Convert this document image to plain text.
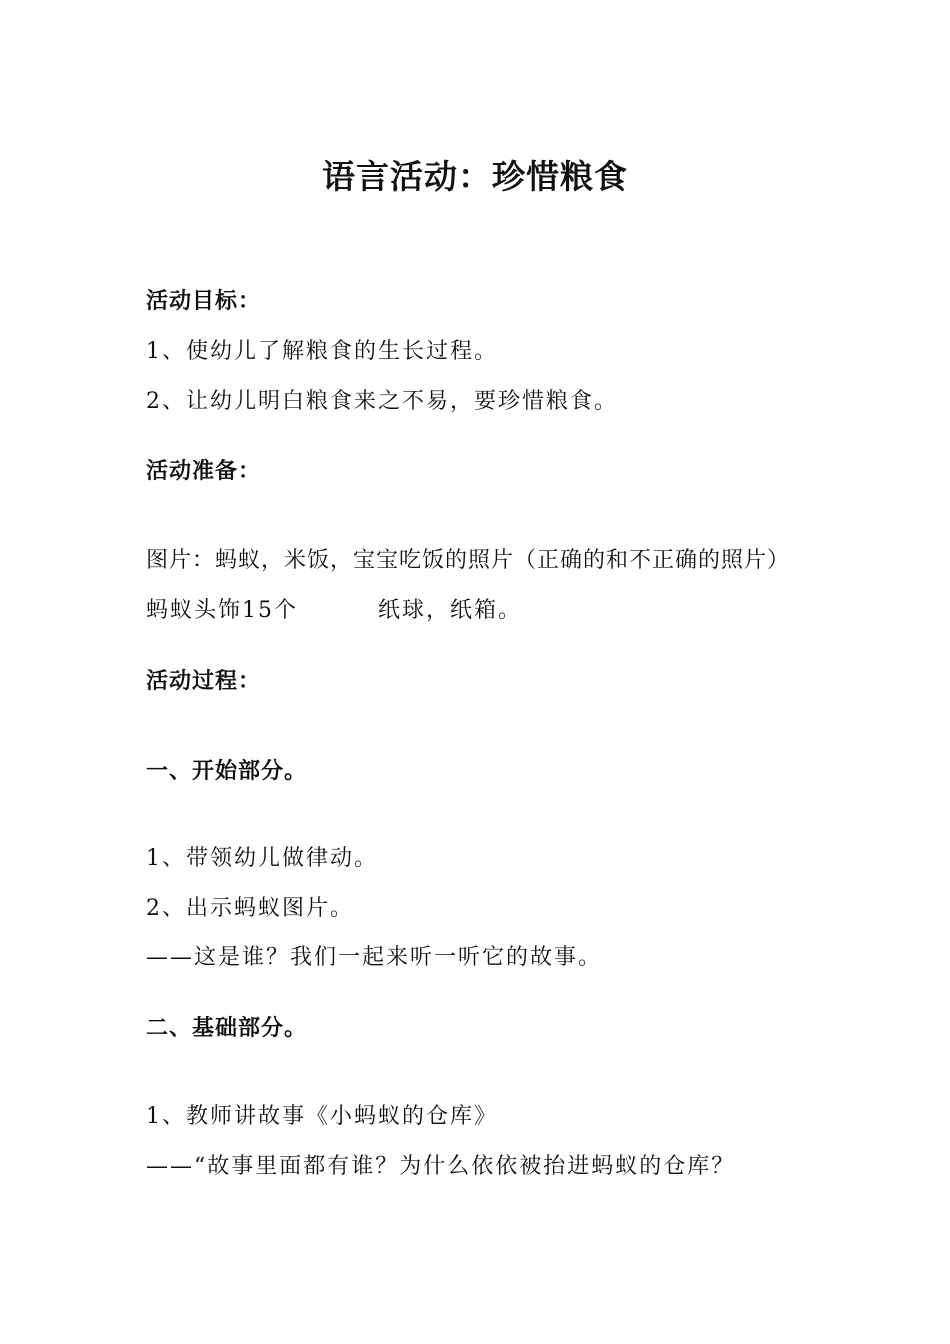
语言活动：珍惜粮食
活动目标：
1、使幼儿了解粮食的生长过程。
2、让幼儿明白粮食来之不易，要珍惜粮食。
活动准备：
图片：蚂蚁，米饭，宝宝吃饭的照片（正确的和不正确的照片）
蚂蚁头饰15个	纸球，纸箱。
活动过程：
一、开始部分。
1、带领幼儿做律动。
2、出示蚂蚁图片。
——这是谁？我们一起来听一听它的故事。
二、基础部分。
1、教师讲故事《小蚂蚁的仓库》
——“故事里面都有谁？为什么依依被抬进蚂蚁的仓库？
